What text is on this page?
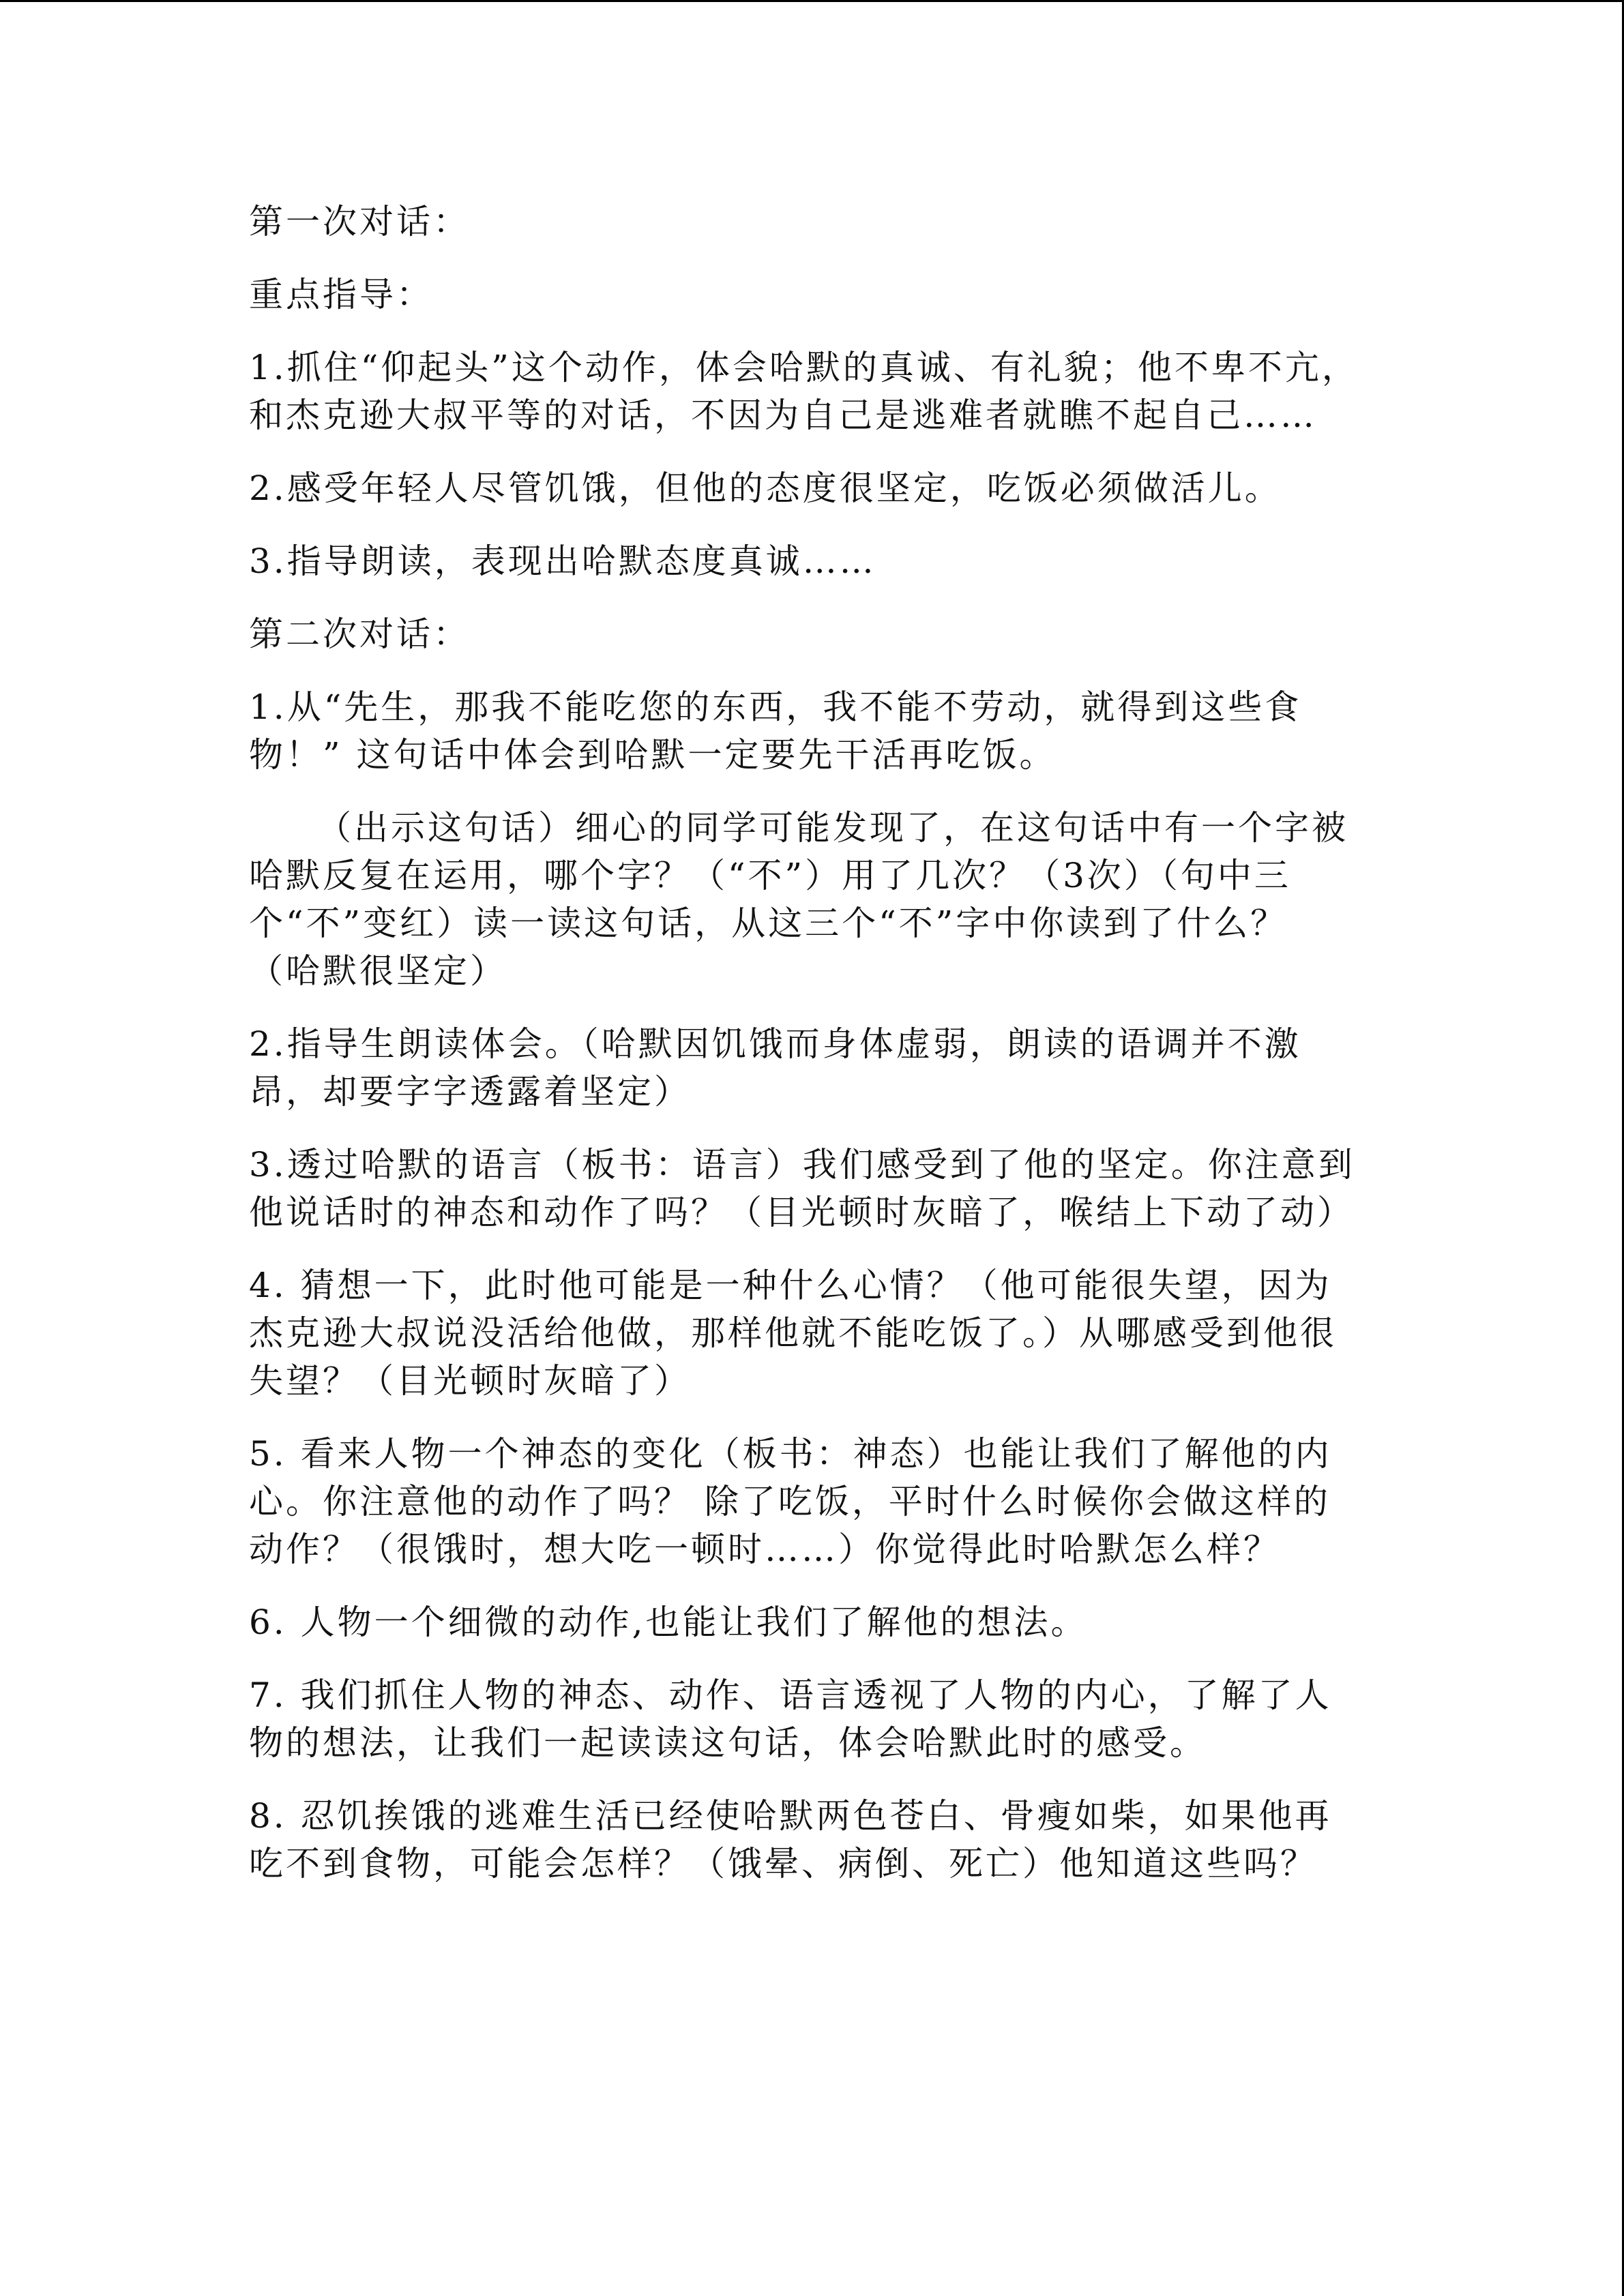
第一次对话：

重点指导：

1.抓住“仰起头”这个动作，体会哈默的真诚、有礼貌；他不卑不亢，和杰克逊大叔平等的对话，不因为自己是逃难者就瞧不起自己……

2.感受年轻人尽管饥饿，但他的态度很坚定，吃饭必须做活儿。

3.指导朗读，表现出哈默态度真诚……

第二次对话：

1.从“先生，那我不能吃您的东西，我不能不劳动，就得到这些食物！” 这句话中体会到哈默一定要先干活再吃饭。

（出示这句话）细心的同学可能发现了，在这句话中有一个字被哈默反复在运用，哪个字？（“不”）用了几次？（3次）（句中三个“不”变红）读一读这句话，从这三个“不”字中你读到了什么？（哈默很坚定）

2.指导生朗读体会。（哈默因饥饿而身体虚弱，朗读的语调并不激昂，却要字字透露着坚定）

3.透过哈默的语言（板书：语言）我们感受到了他的坚定。你注意到他说话时的神态和动作了吗？（目光顿时灰暗了，喉结上下动了动）

4. 猜想一下，此时他可能是一种什么心情？（他可能很失望，因为杰克逊大叔说没活给他做，那样他就不能吃饭了。）从哪感受到他很失望？（目光顿时灰暗了）

5. 看来人物一个神态的变化（板书：神态）也能让我们了解他的内心。你注意他的动作了吗？ 除了吃饭，平时什么时候你会做这样的动作？（很饿时，想大吃一顿时……）你觉得此时哈默怎么样？

6. 人物一个细微的动作,也能让我们了解他的想法。

7. 我们抓住人物的神态、动作、语言透视了人物的内心，了解了人物的想法，让我们一起读读这句话，体会哈默此时的感受。

8. 忍饥挨饿的逃难生活已经使哈默两色苍白、骨瘦如柴，如果他再吃不到食物，可能会怎样？（饿晕、病倒、死亡）他知道这些吗？
